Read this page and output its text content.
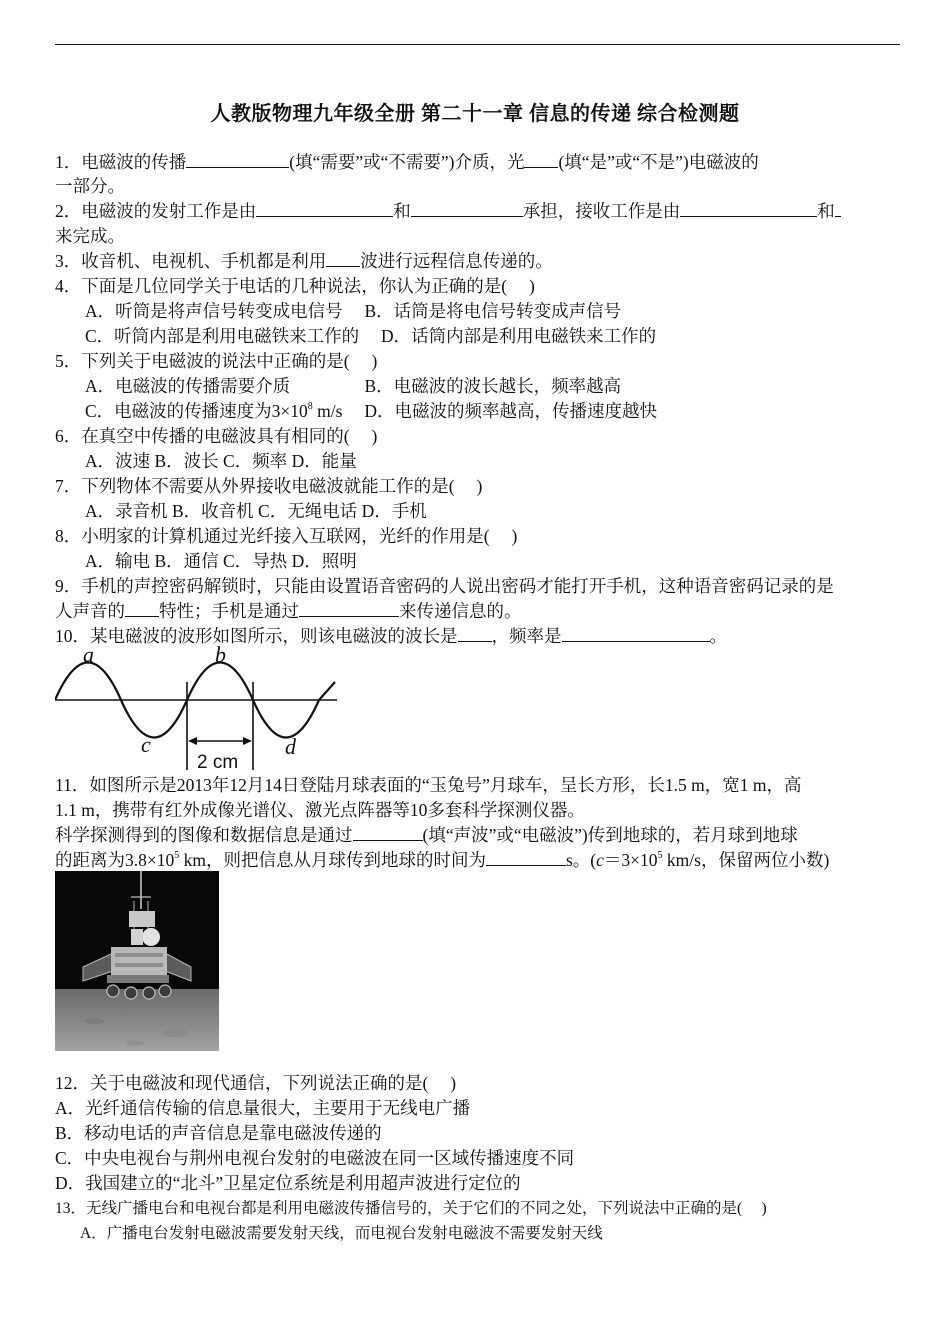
人教版物理九年级全册 第二十一章 信息的传递 综合检测题
1．电磁波的传播	(填“需要”或“不需要”)介质，光 (填“是”或“不是”)电磁波的
一部分。
2．电磁波的发射工作是由	和	承担，接收工作是由	和
来完成。
3．收音机、电视机、手机都是利用 波进行远程信息传递的。
4．下面是几位同学关于电话的几种说法，你认为正确的是(　 )
A．听筒是将声信号转变成电信号　 B．话筒是将电信号转变成声信号
C．听筒内部是利用电磁铁来工作的　 D．话筒内部是利用电磁铁来工作的
5．下列关于电磁波的说法中正确的是(　 )
A．电磁波的传播需要介质　　　　 B．电磁波的波长越长，频率越高
C．电磁波的传播速度为$3\times 10^8$ m/s　 D．电磁波的频率越高，传播速度越快
6．在真空中传播的电磁波具有相同的(　 )
A．波速 B．波长 C．频率 D．能量
7．下列物体不需要从外界接收电磁波就能工作的是(　 )
A．录音机 B．收音机 C．无绳电话 D．手机
8．小明家的计算机通过光纤接入互联网，光纤的作用是(　 )
A．输电 B．通信 C．导热 D．照明
9．手机的声控密码解锁时，只能由设置语音密码的人说出密码才能打开手机，这种语音密码记录的是
人声音的 特性；手机是通过	来传递信息的。
10．某电磁波的波形如图所示，则该电磁波的波长是 ，频率是	。
a	b
c	d
2 cm
11．如图所示是2013年12月14日登陆月球表面的“玉兔号”月球车，呈长方形，长1.5 m，宽1 m，高
1.1 m，携带有红外成像光谱仪、激光点阵器等10多套科学探测仪器。
科学探测得到的图像和数据信息是通过	(填“声波”或“电磁波”)传到地球的，若月球到地球
的距离为$3.8\times 10^5$ km，则把信息从月球传到地球的时间为	s。($c=3\times 10^5$ km/s，保留两位小数)
12．关于电磁波和现代通信，下列说法正确的是(　 )
A．光纤通信传输的信息量很大，主要用于无线电广播
B．移动电话的声音信息是靠电磁波传递的
C．中央电视台与荆州电视台发射的电磁波在同一区域传播速度不同
D．我国建立的“北斗”卫星定位系统是利用超声波进行定位的
13．无线广播电台和电视台都是利用电磁波传播信号的，关于它们的不同之处，下列说法中正确的是(　 )
A．广播电台发射电磁波需要发射天线，而电视台发射电磁波不需要发射天线
